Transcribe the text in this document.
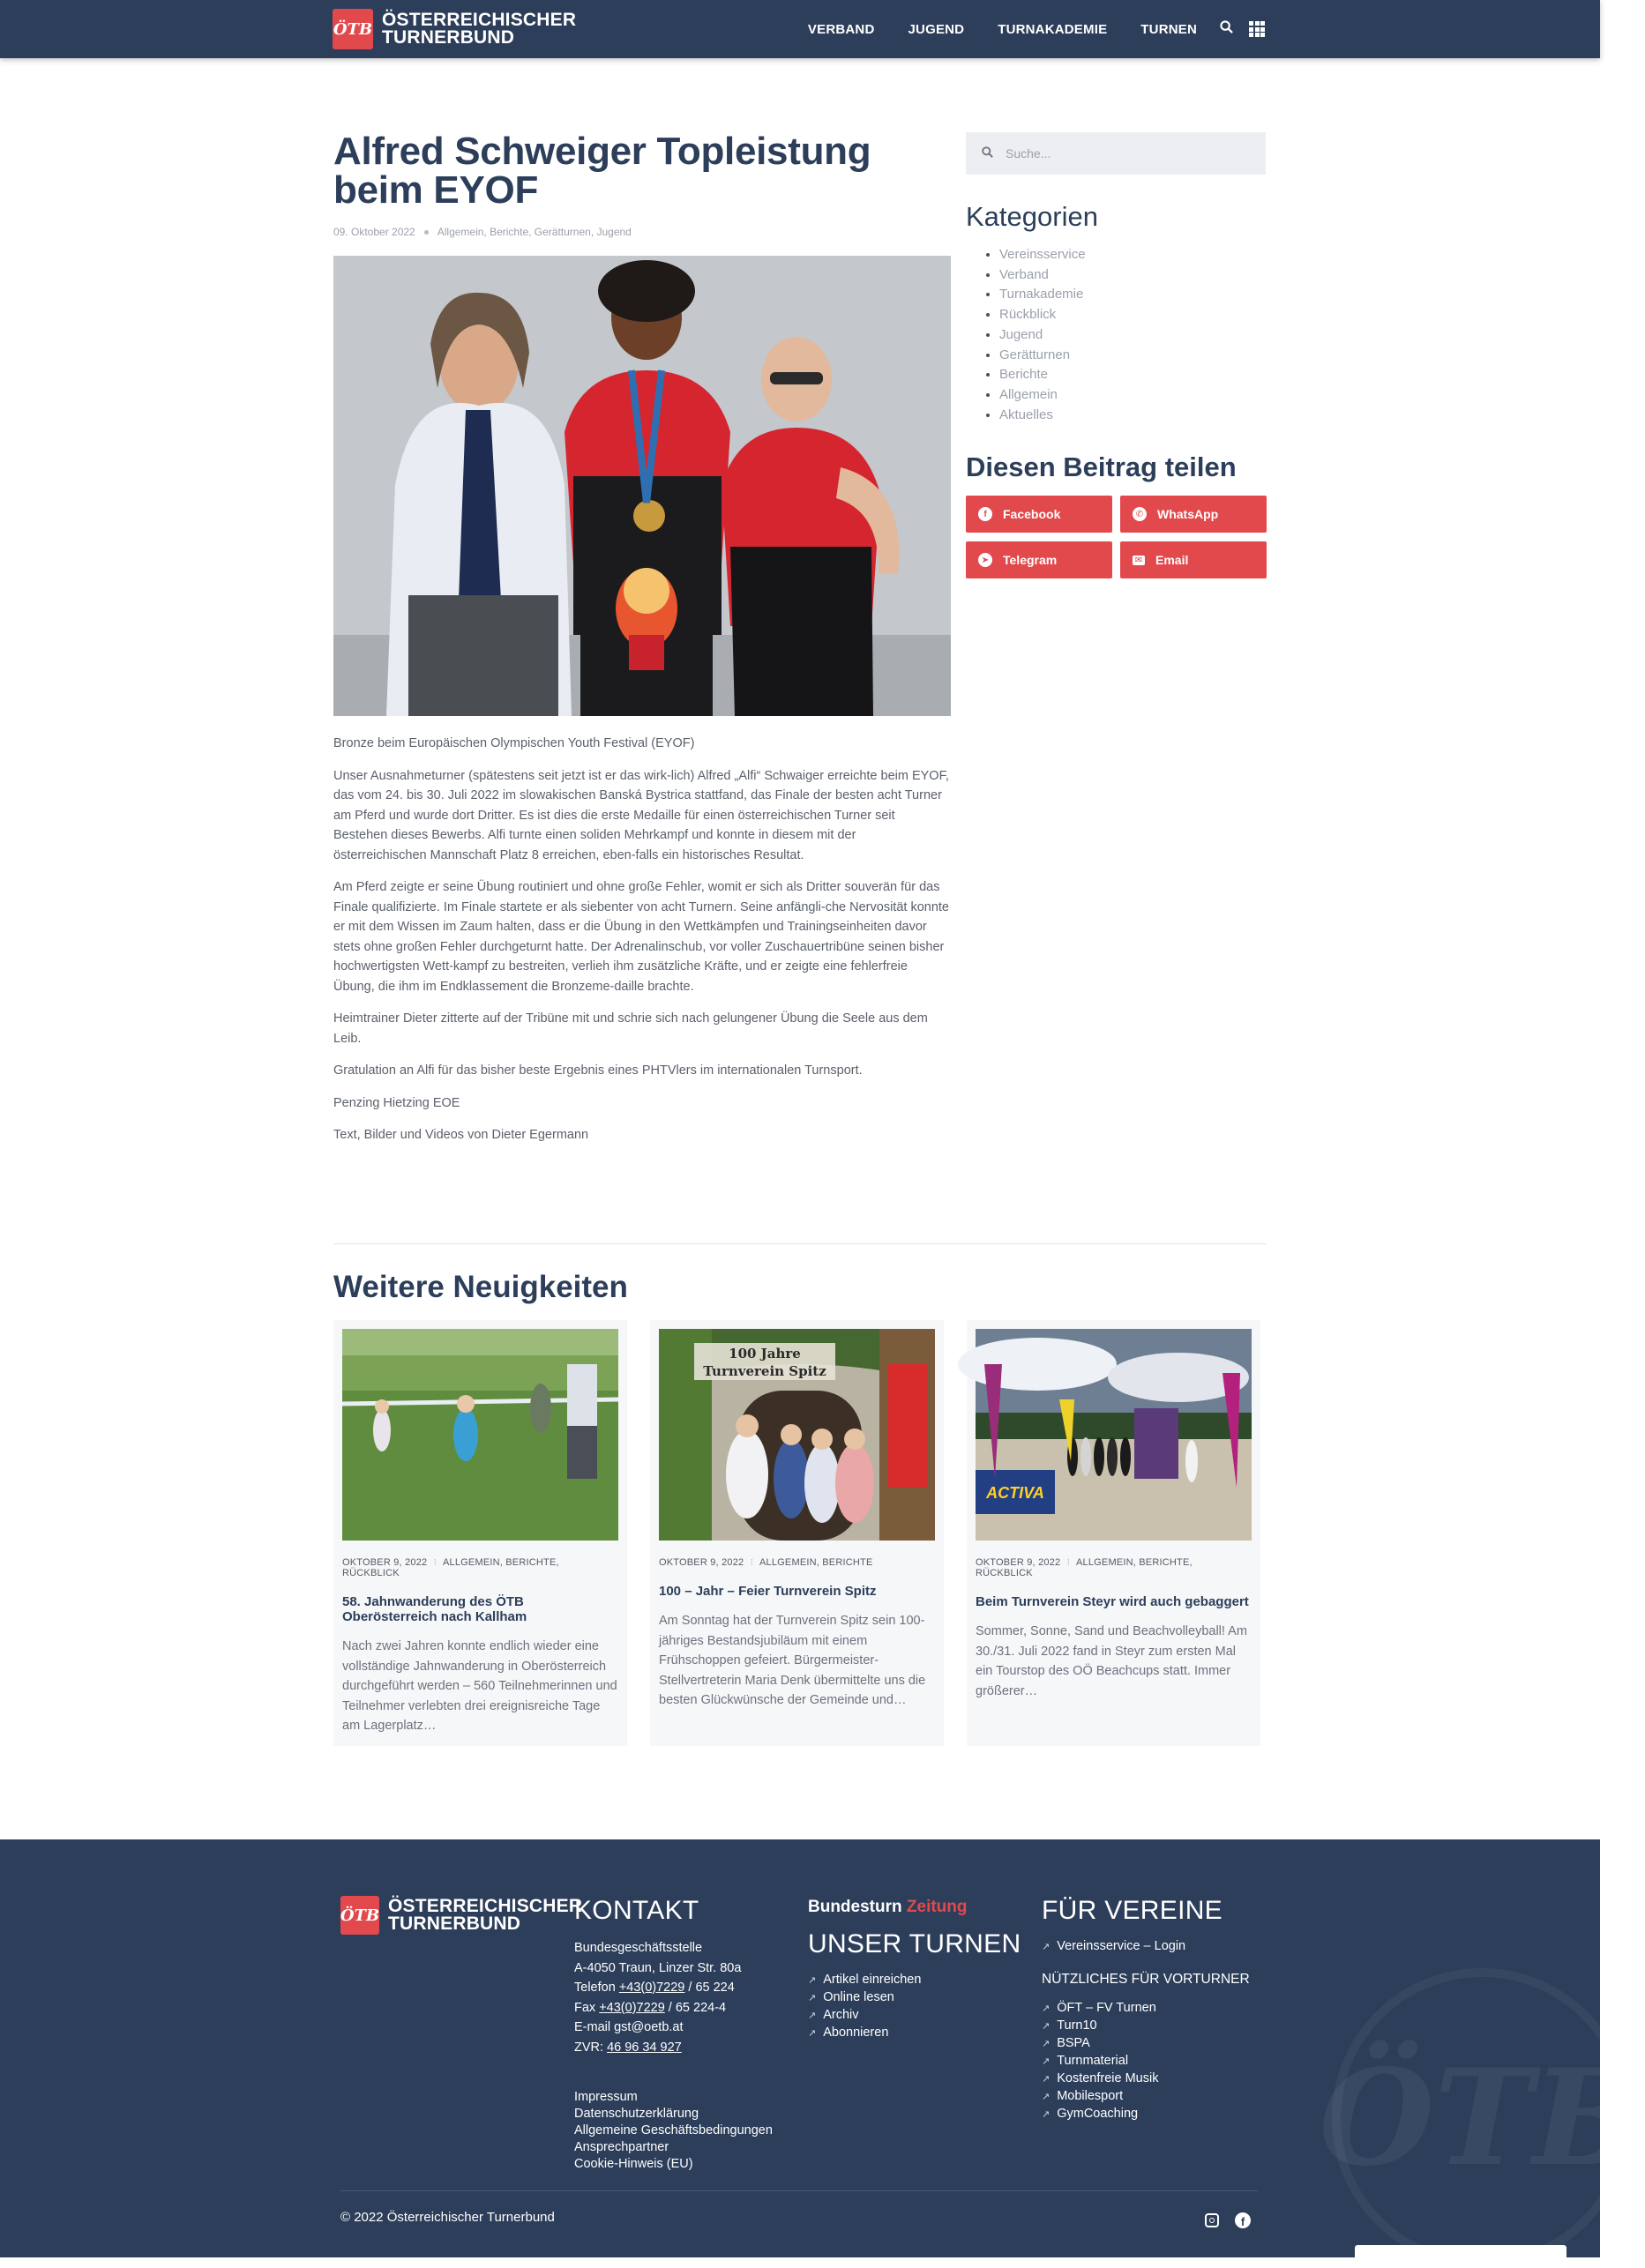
ÖTB ÖSTERREICHISCHER
TURNERBUND	VERBAND	JUGEND	TURNAKADEMIE	TURNEN
Alfred Schweiger Topleistung beim EYOF
09. Oktober 2022 Allgemein, Berichte, Gerätturnen, Jugend

Bronze beim Europäischen Olympischen Youth Festival (EYOF)

Unser Ausnahmeturner (spätestens seit jetzt ist er das wirk-lich) Alfred „Alfi“ Schwaiger erreichte beim EYOF, das vom 24. bis 30. Juli 2022 im slowakischen Banská Bystrica stattfand, das Finale der besten acht Turner am Pferd und wurde dort Dritter. Es ist dies die erste Medaille für einen österreichischen Turner seit Bestehen dieses Bewerbs. Alfi turnte einen soliden Mehrkampf und konnte in diesem mit der österreichischen Mannschaft Platz 8 erreichen, eben-falls ein historisches Resultat.

Am Pferd zeigte er seine Übung routiniert und ohne große Fehler, womit er sich als Dritter souverän für das Finale qualifizierte. Im Finale startete er als siebenter von acht Turnern. Seine anfängli-che Nervosität konnte er mit dem Wissen im Zaum halten, dass er die Übung in den Wettkämpfen und Trainingseinheiten davor stets ohne großen Fehler durchgeturnt hatte. Der Adrenalinschub, vor voller Zuschauertribüne seinen bisher hochwertigsten Wett-kampf zu bestreiten, verlieh ihm zusätzliche Kräfte, und er zeigte eine fehlerfreie Übung, die ihm im Endklassement die Bronzeme-daille brachte.

Heimtrainer Dieter zitterte auf der Tribüne mit und schrie sich nach gelungener Übung die Seele aus dem Leib.

Gratulation an Alfi für das bisher beste Ergebnis eines PHTVlers im internationalen Turnsport.

Penzing Hietzing EOE

Text, Bilder und Videos von Dieter Egermann

Suche...
Kategorien
• Vereinsservice
• Verband
• Turnakademie
• Rückblick
• Jugend
• Gerätturnen
• Berichte
• Allgemein
• Aktuelles
Diesen Beitrag teilen
f	Facebook	✆ WhatsApp
➤ Telegram	✉ Email
Weitere Neuigkeiten
OKTOBER 9, 2022 ⁝ ALLGEMEIN, BERICHTE, RÜCKBLICK
58. Jahnwanderung des ÖTB Oberösterreich nach Kallham

Nach zwei Jahren konnte endlich wieder eine vollständige Jahnwanderung in Oberösterreich durchgeführt werden – 560 Teilnehmerinnen und Teilnehmer verlebten drei ereignisreiche Tage am Lagerplatz…

100 Jahre
Turnverein Spitz
OKTOBER 9, 2022 ⁝ ALLGEMEIN, BERICHTE
100 – Jahr – Feier Turnverein Spitz

Am Sonntag hat der Turnverein Spitz sein 100-jähriges Bestandsjubiläum mit einem Frühschoppen gefeiert. Bürgermeister-Stellvertreterin Maria Denk übermittelte uns die besten Glückwünsche der Gemeinde und…

ACTIVA
OKTOBER 9, 2022 ⁝ ALLGEMEIN, BERICHTE, RÜCKBLICK
Beim Turnverein Steyr wird auch gebaggert

Sommer, Sonne, Sand und Beachvolleyball! Am 30./31. Juli 2022 fand in Steyr zum ersten Mal ein Tourstop des OÖ Beachcups statt. Immer größerer…

ÖTB
ÖTB ÖSTERREICHISCHER
TURNERBUND	KONTAKT
Bundesgeschäftsstelle
A-4050 Traun, Linzer Str. 80a
Telefon +43(0)7229 / 65 224
Fax +43(0)7229 / 65 224-4
E-mail gst@oetb.at
ZVR: 46 96 34 927
Impressum
Datenschutzerklärung
Allgemeine Geschäftsbedingungen
Ansprechpartner
Cookie-Hinweis (EU)
Bundesturn Zeitung
UNSER TURNEN
↗ Artikel einreichen
↗ Online lesen
↗ Archiv
↗ Abonnieren
FÜR VEREINE
↗ Vereinsservice – Login
NÜTZLICHES FÜR VORTURNER
↗ ÖFT – FV Turnen
↗ Turn10
↗ BSPA
↗ Turnmaterial
↗ Kostenfreie Musik
↗ Mobilesport
↗ GymCoaching
© 2022 Österreichischer Turnerbund	f
